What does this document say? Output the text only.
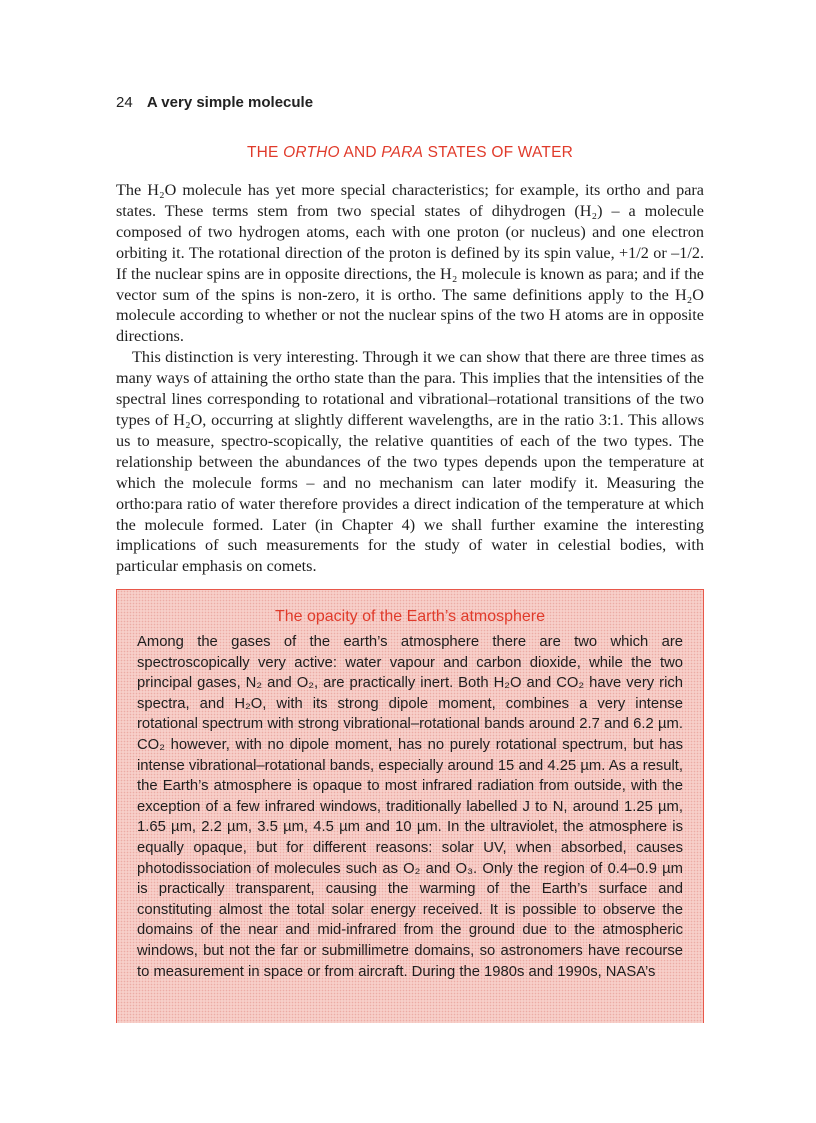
24 A very simple molecule
THE ORTHO AND PARA STATES OF WATER

The H₂O molecule has yet more special characteristics; for example, its ortho and para states. These terms stem from two special states of dihydrogen (H₂) – a molecule composed of two hydrogen atoms, each with one proton (or nucleus) and one electron orbiting it. The rotational direction of the proton is defined by its spin value, +1/2 or –1/2. If the nuclear spins are in opposite directions, the H₂ molecule is known as para; and if the vector sum of the spins is non-zero, it is ortho. The same definitions apply to the H₂O molecule according to whether or not the nuclear spins of the two H atoms are in opposite directions.

This distinction is very interesting. Through it we can show that there are three times as many ways of attaining the ortho state than the para. This implies that the intensities of the spectral lines corresponding to rotational and vibrational–rotational transitions of the two types of H₂O, occurring at slightly different wavelengths, are in the ratio 3:1. This allows us to measure, spectro-scopically, the relative quantities of each of the two types. The relationship between the abundances of the two types depends upon the temperature at which the molecule forms – and no mechanism can later modify it. Measuring the ortho:para ratio of water therefore provides a direct indication of the temperature at which the molecule formed. Later (in Chapter 4) we shall further examine the interesting implications of such measurements for the study of water in celestial bodies, with particular emphasis on comets.

The opacity of the Earth’s atmosphere

Among the gases of the earth’s atmosphere there are two which are spectroscopically very active: water vapour and carbon dioxide, while the two principal gases, N₂ and O₂, are practically inert. Both H₂O and CO₂ have very rich spectra, and H₂O, with its strong dipole moment, combines a very intense rotational spectrum with strong vibrational–rotational bands around 2.7 and 6.2 µm. CO₂ however, with no dipole moment, has no purely rotational spectrum, but has intense vibrational–rotational bands, especially around 15 and 4.25 µm. As a result, the Earth’s atmosphere is opaque to most infrared radiation from outside, with the exception of a few infrared windows, traditionally labelled J to N, around 1.25 µm, 1.65 µm, 2.2 µm, 3.5 µm, 4.5 µm and 10 µm. In the ultraviolet, the atmosphere is equally opaque, but for different reasons: solar UV, when absorbed, causes photodissociation of molecules such as O₂ and O₃. Only the region of 0.4–0.9 µm is practically transparent, causing the warming of the Earth’s surface and constituting almost the total solar energy received. It is possible to observe the domains of the near and mid-infrared from the ground due to the atmospheric windows, but not the far or submillimetre domains, so astronomers have recourse to measurement in space or from aircraft. During the 1980s and 1990s, NASA’s
